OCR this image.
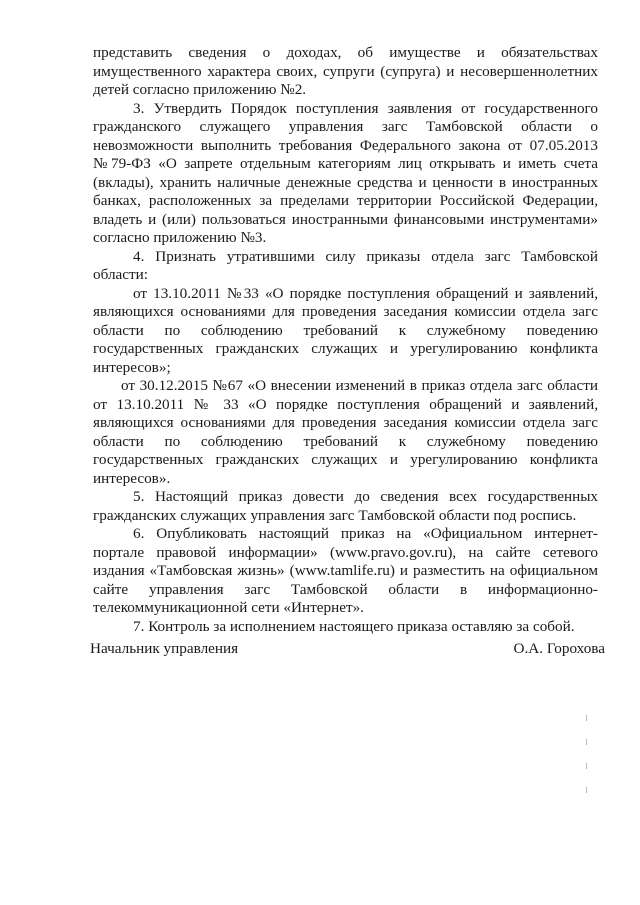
представить сведения о доходах, об имуществе и обязательствах имущественного характера своих, супруги (супруга) и несовершеннолетних детей согласно приложению №2.

3. Утвердить Порядок поступления заявления от государственного гражданского служащего управления загс Тамбовской области о невозможности выполнить требования Федерального закона от 07.05.2013 №79-ФЗ «О запрете отдельным категориям лиц открывать и иметь счета (вклады), хранить наличные денежные средства и ценности в иностранных банках, расположенных за пределами территории Российской Федерации, владеть и (или) пользоваться иностранными финансовыми инструментами» согласно приложению №3.

4. Признать утратившими силу приказы отдела загс Тамбовской области:

от 13.10.2011 №33 «О порядке поступления обращений и заявлений, являющихся основаниями для проведения заседания комиссии отдела загс области по соблюдению требований к служебному поведению государственных гражданских служащих и урегулированию конфликта интересов»;

от 30.12.2015 №67 «О внесении изменений в приказ отдела загс области от 13.10.2011 № 33 «О порядке поступления обращений и заявлений, являющихся основаниями для проведения заседания комиссии отдела загс области по соблюдению требований к служебному поведению государственных гражданских служащих и урегулированию конфликта интересов».

5. Настоящий приказ довести до сведения всех государственных гражданских служащих управления загс Тамбовской области под роспись.

6. Опубликовать настоящий приказ на «Официальном интернет-портале правовой информации» (www.pravo.gov.ru), на сайте сетевого издания «Тамбовская жизнь» (www.tamlife.ru) и разместить на официальном сайте управления загс Тамбовской области в информационно-телекоммуникационной сети «Интернет».

7. Контроль за исполнением настоящего приказа оставляю за собой.

Начальник управления	О.А. Горохова
